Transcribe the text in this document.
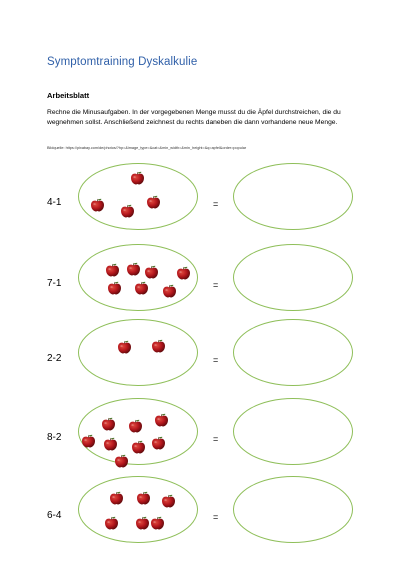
Symptomtraining Dyskalkulie
Arbeitsblatt
Rechne die Minusaufgaben. In der vorgegebenen Menge musst du die Äpfel durchstreichen, die du wegnehmen sollst. Anschließend zeichnest du rechts daneben die dann vorhandene neue Menge.
Bildquelle: https://pixabay.com/de/photos/?hp=&image_type=&cat=&min_width=&min_height=&q=apfel&order=popular
4-1	=
7-1	=
2-2	=
8-2	=
6-4	=
